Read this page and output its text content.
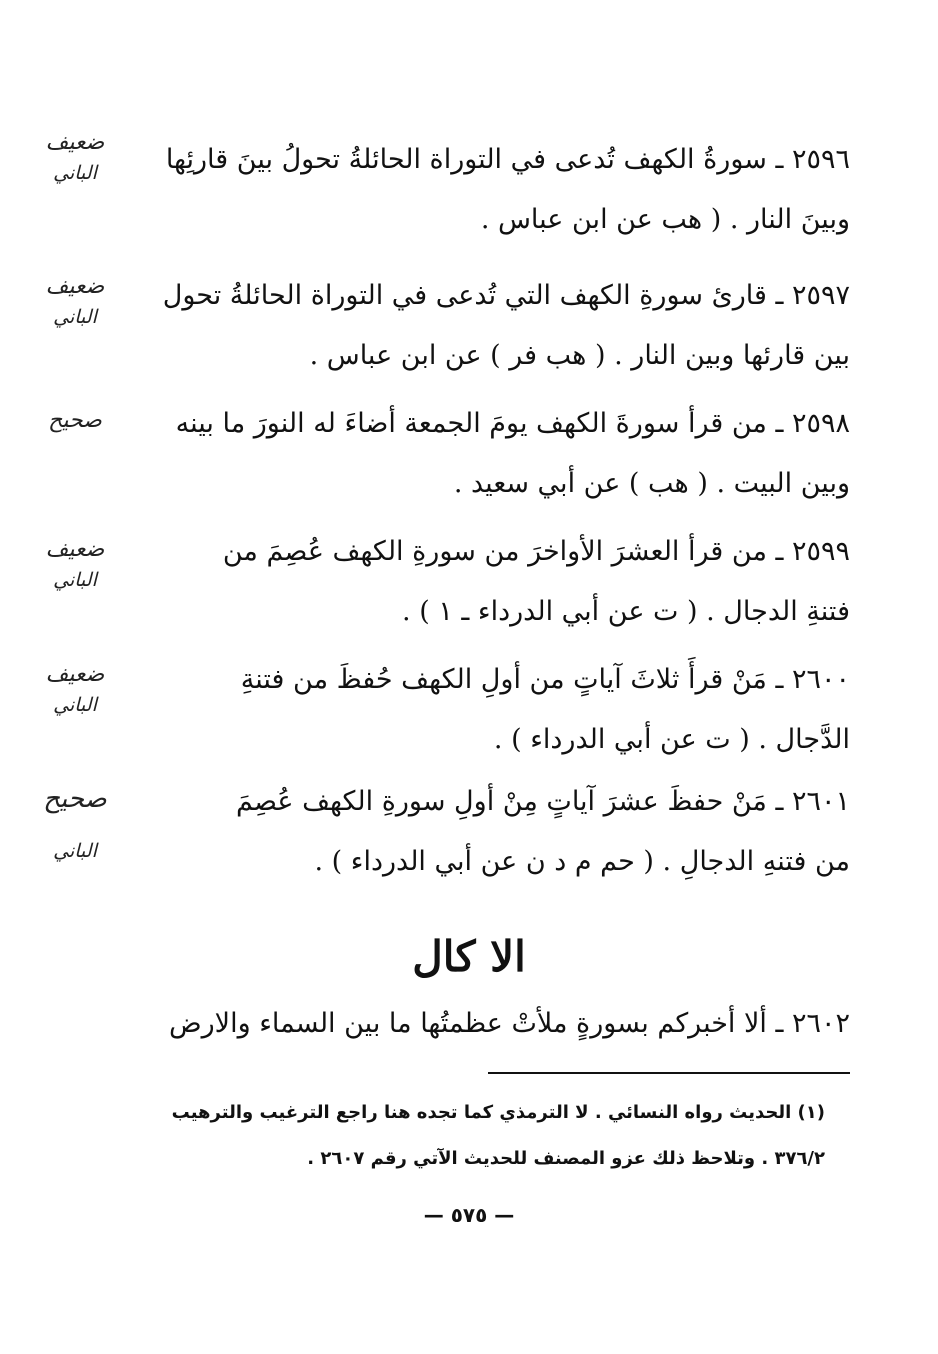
٢٥٩٦ ـ سورةُ الكهف تُدعى في التوراة الحائلةُ تحولُ بينَ قارئِها
وبينَ النار . ( هب عن ابن عباس .
ضعيف
الباني
٢٥٩٧ ـ قارئ سورةِ الكهف التي تُدعى في التوراة الحائلةُ تحول
بين قارئها وبين النار . ( هب فر ) عن ابن عباس .
ضعيف
الباني
٢٥٩٨ ـ من قرأ سورةَ الكهف يومَ الجمعة أضاءَ له النورَ ما بينه
وبين البيت . ( هب ) عن أبي سعيد .
صحيح
٢٥٩٩ ـ من قرأ العشرَ الأواخرَ من سورةِ الكهف عُصِمَ من
فتنةِ الدجال . ( ت عن أبي الدرداء ـ ١ ) .
ضعيف
الباني
٢٦٠٠ ـ مَنْ قرأَ ثلاثَ آياتٍ من أولِ الكهف حُفظَ من فتنةِ
الدَّجال . ( ت عن أبي الدرداء ) .
ضعيف
الباني
٢٦٠١ ـ مَنْ حفظَ عشرَ آياتٍ مِنْ أولِ سورةِ الكهف عُصِمَ
من فتنهِ الدجالِ . ( حم م د ن عن أبي الدرداء ) .
صحيح
الباني
الا كال
٢٦٠٢ ـ ألا أخبركم بسورةٍ ملأتْ عظمتُها ما بين السماء والارض
(١) الحديث رواه النسائي . لا الترمذي كما تجده هنا راجع الترغيب والترهيب
٣٧٦/٢ . وتلاحظ ذلك عزو المصنف للحديث الآتي رقم ٢٦٠٧ .
— ٥٧٥ —
